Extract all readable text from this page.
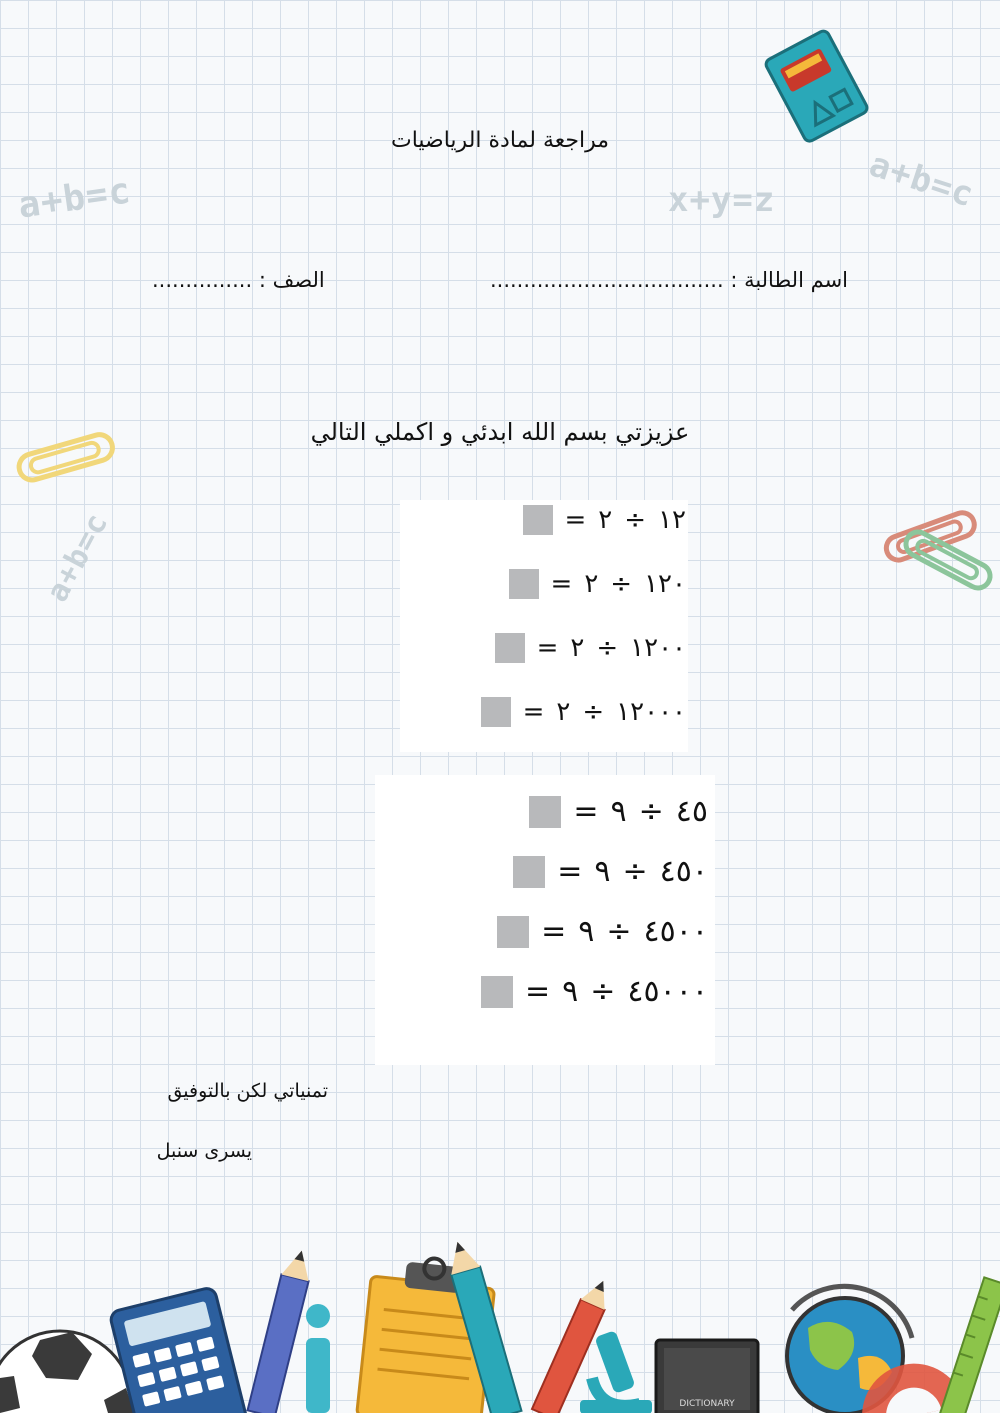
مراجعة لمادة الرياضيات
اسم الطالبة : ...................................
الصف : ...............
عزيزتي بسم الله ابدئي و اكملي التالي
= ٢ ÷ ١٢
= ٢ ÷ ١٢٠
= ٢ ÷ ١٢٠٠
= ٢ ÷ ١٢٠٠٠
= ٩ ÷ ٤٥
= ٩ ÷ ٤٥٠
= ٩ ÷ ٤٥٠٠
= ٩ ÷ ٤٥٠٠٠
تمنياتي لكن بالتوفيق
يسرى سنبل
a+b=c	x+y=z	a+b=c
a+b=c
DICTIONARY
